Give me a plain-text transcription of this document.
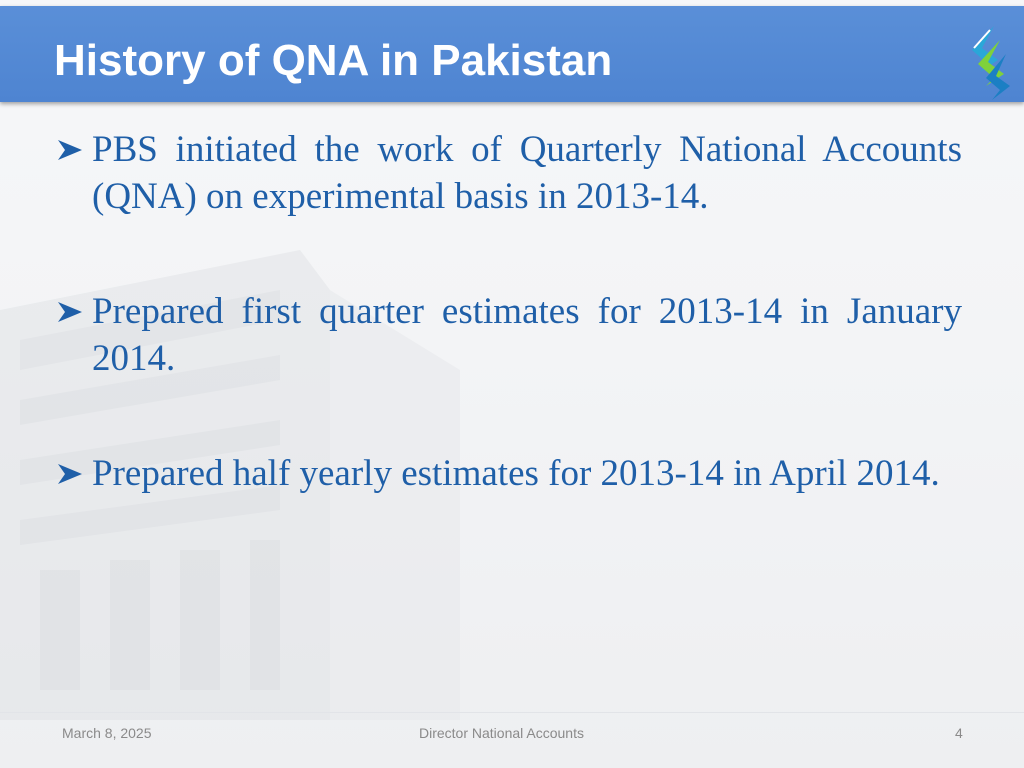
History of QNA in Pakistan
PBS initiated the work of Quarterly National Accounts (QNA) on experimental basis in 2013-14.
Prepared first quarter estimates for 2013-14 in January 2014.
Prepared half yearly estimates for 2013-14 in April 2014.
March 8, 2025	Director National Accounts	4
